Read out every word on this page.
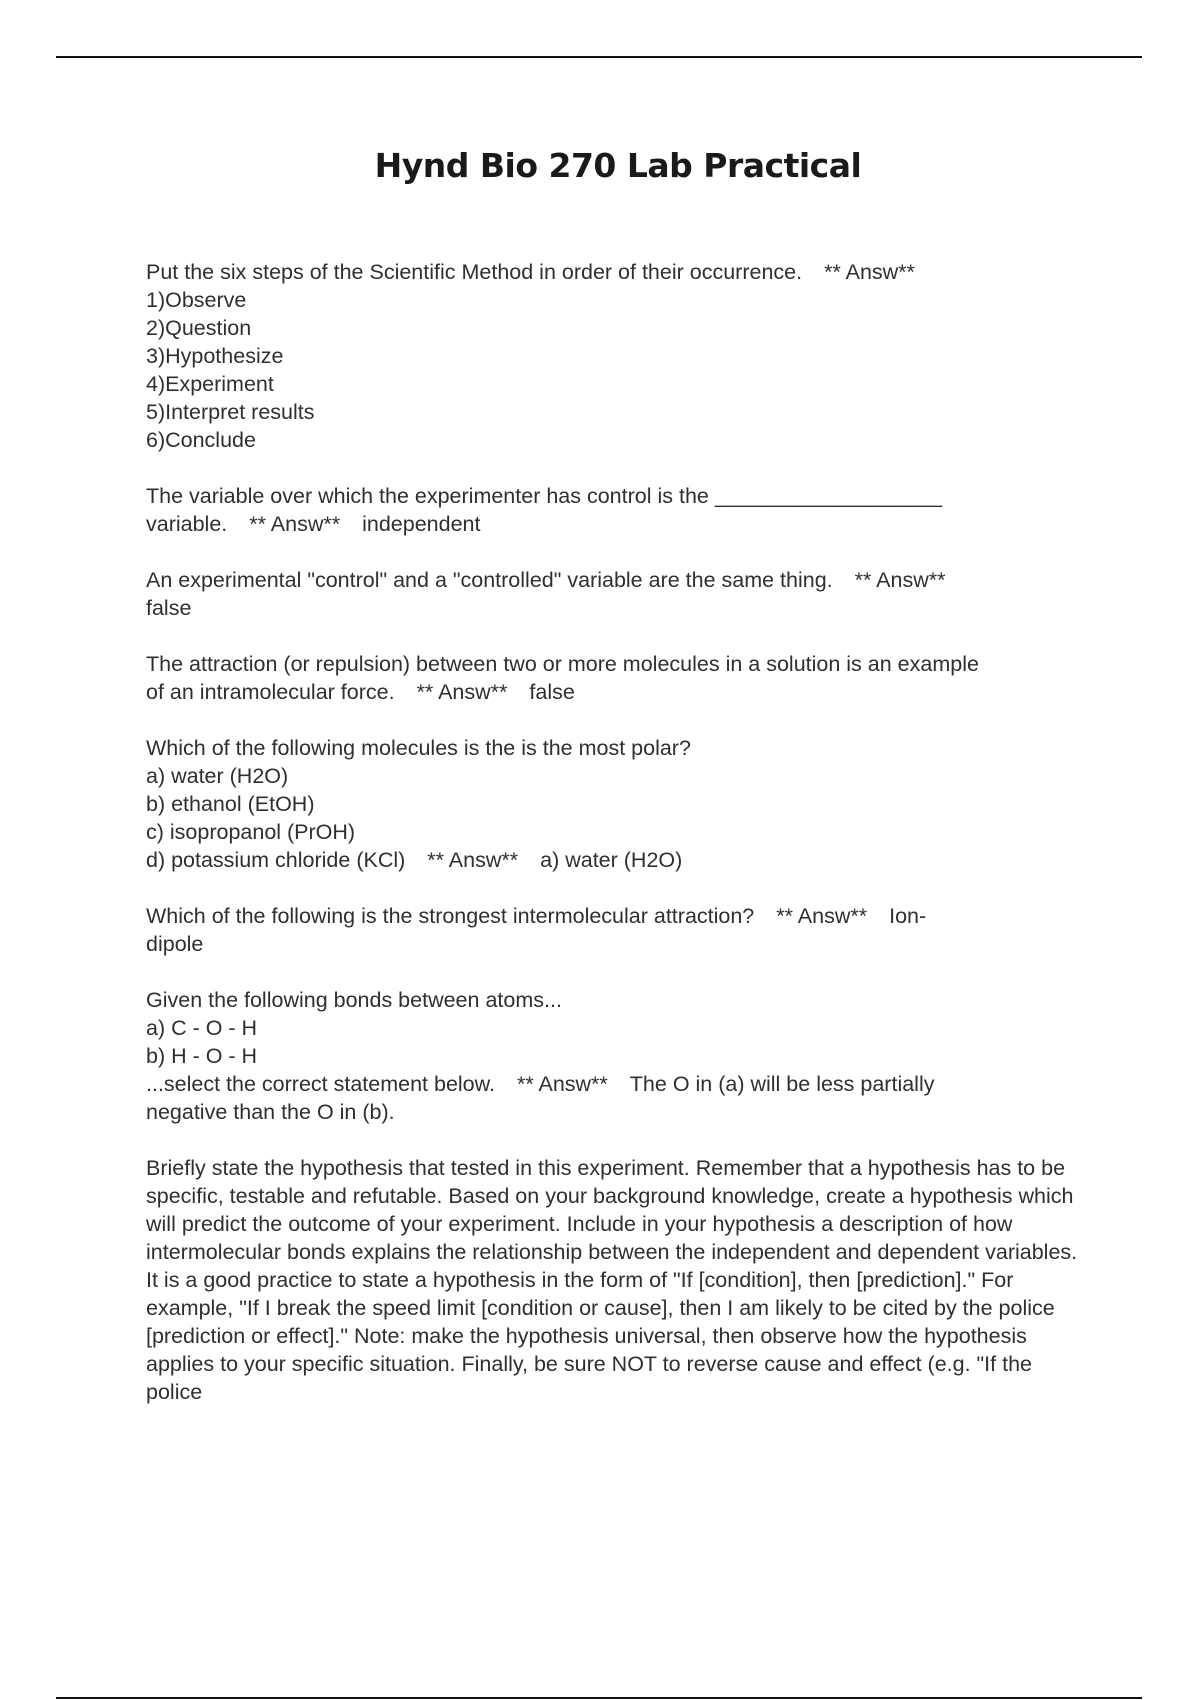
Hynd Bio 270 Lab Practical
Put the six steps of the Scientific Method in order of their occurrence. ** Answ**
1)Observe
2)Question
3)Hypothesize
4)Experiment
5)Interpret results
6)Conclude
The variable over which the experimenter has control is the ___________________
variable. ** Answ** independent
An experimental "control" and a "controlled" variable are the same thing. ** Answ**
false
The attraction (or repulsion) between two or more molecules in a solution is an example
of an intramolecular force. ** Answ** false
Which of the following molecules is the is the most polar?
a) water (H2O)
b) ethanol (EtOH)
c) isopropanol (PrOH)
d) potassium chloride (KCl) ** Answ** a) water (H2O)
Which of the following is the strongest intermolecular attraction? ** Answ** Ion-
dipole
Given the following bonds between atoms...
a) C - O - H
b) H - O - H
...select the correct statement below. ** Answ** The O in (a) will be less partially
negative than the O in (b).
Briefly state the hypothesis that tested in this experiment. Remember that a hypothesis has to be specific, testable and refutable. Based on your background knowledge, create a hypothesis which will predict the outcome of your experiment. Include in your hypothesis a description of how intermolecular bonds explains the relationship between the independent and dependent variables. It is a good practice to state a hypothesis in the form of "If [condition], then [prediction]." For example, "If I break the speed limit [condition or cause], then I am likely to be cited by the police [prediction or effect]." Note: make the hypothesis universal, then observe how the hypothesis applies to your specific situation. Finally, be sure NOT to reverse cause and effect (e.g. "If the police
